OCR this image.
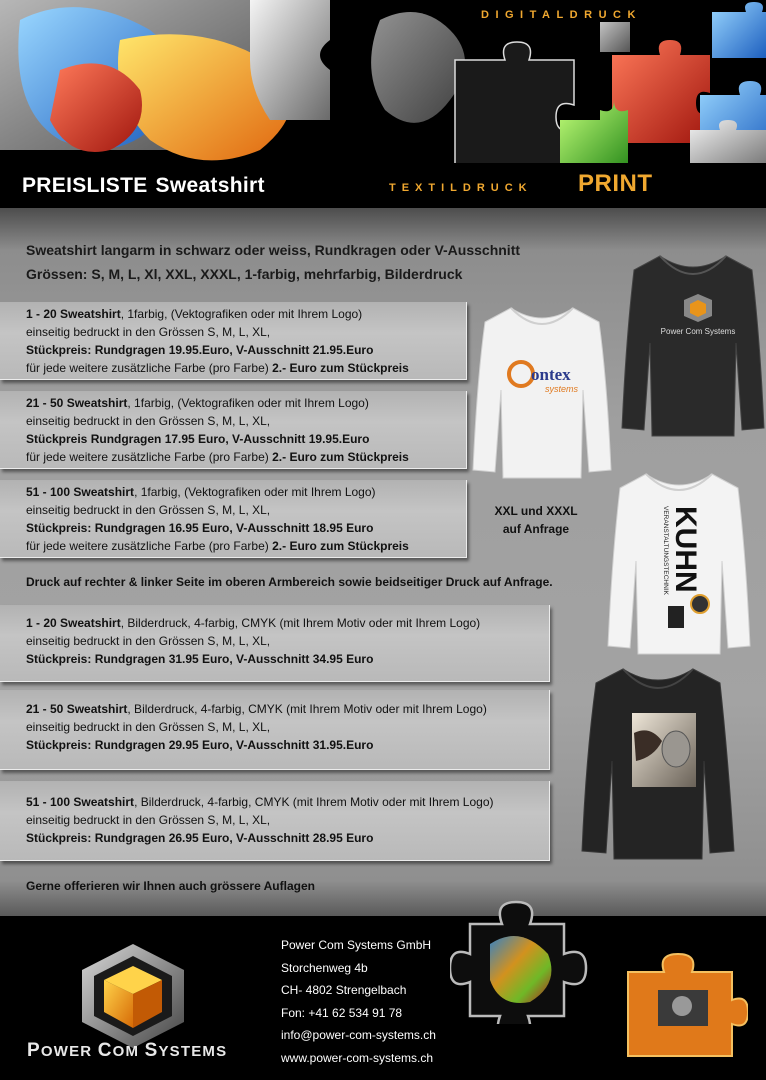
DIGITALDRUCK
PREISLISTE Sweatshirt	TEXTILDRUCK PRINT
Sweatshirt langarm in schwarz oder weiss, Rundkragen oder V-Ausschnitt
Grössen: S, M, L, Xl, XXL, XXXL, 1-farbig, mehrfarbig, Bilderdruck
1 - 20 Sweatshirt, 1farbig, (Vektografiken oder mit Ihrem Logo)
einseitig bedruckt in den Grössen S, M, L, XL,
Stückpreis: Rundgragen 19.95.Euro, V-Ausschnitt 21.95.Euro
für jede weitere zusätzliche Farbe (pro Farbe) 2.- Euro zum Stückpreis
21 - 50 Sweatshirt, 1farbig, (Vektografiken oder mit Ihrem Logo)
einseitig bedruckt in den Grössen S, M, L, XL,
Stückpreis Rundgragen 17.95 Euro, V-Ausschnitt 19.95.Euro
für jede weitere zusätzliche Farbe (pro Farbe) 2.- Euro zum Stückpreis
51 - 100 Sweatshirt, 1farbig, (Vektografiken oder mit Ihrem Logo)
einseitig bedruckt in den Grössen S, M, L, XL,
Stückpreis: Rundgragen 16.95 Euro, V-Ausschnitt 18.95 Euro
für jede weitere zusätzliche Farbe (pro Farbe) 2.- Euro zum Stückpreis
XXL und XXXL
auf Anfrage
Druck auf rechter & linker Seite im oberen Armbereich sowie beidseitiger Druck auf Anfrage.
1 - 20 Sweatshirt, Bilderdruck, 4-farbig, CMYK (mit Ihrem Motiv oder mit Ihrem Logo)
einseitig bedruckt in den Grössen S, M, L, XL,
Stückpreis: Rundgragen 31.95 Euro, V-Ausschnitt 34.95 Euro
21 - 50 Sweatshirt, Bilderdruck, 4-farbig, CMYK (mit Ihrem Motiv oder mit Ihrem Logo)
einseitig bedruckt in den Grössen S, M, L, XL,
Stückpreis: Rundgragen 29.95 Euro, V-Ausschnitt 31.95.Euro
51 - 100 Sweatshirt, Bilderdruck, 4-farbig, CMYK (mit Ihrem Motiv oder mit Ihrem Logo)
einseitig bedruckt in den Grössen S, M, L, XL,
Stückpreis: Rundgragen 26.95 Euro, V-Ausschnitt 28.95 Euro
Gerne offerieren wir Ihnen auch grössere Auflagen
ontex
systems
Power Com Systems
KUHN
VERANSTALTUNGSTECHNIK
POWER COM SYSTEMS
Power Com Systems GmbH
Storchenweg 4b
CH- 4802 Strengelbach
Fon: +41 62 534 91 78
info@power-com-systems.ch
www.power-com-systems.ch
